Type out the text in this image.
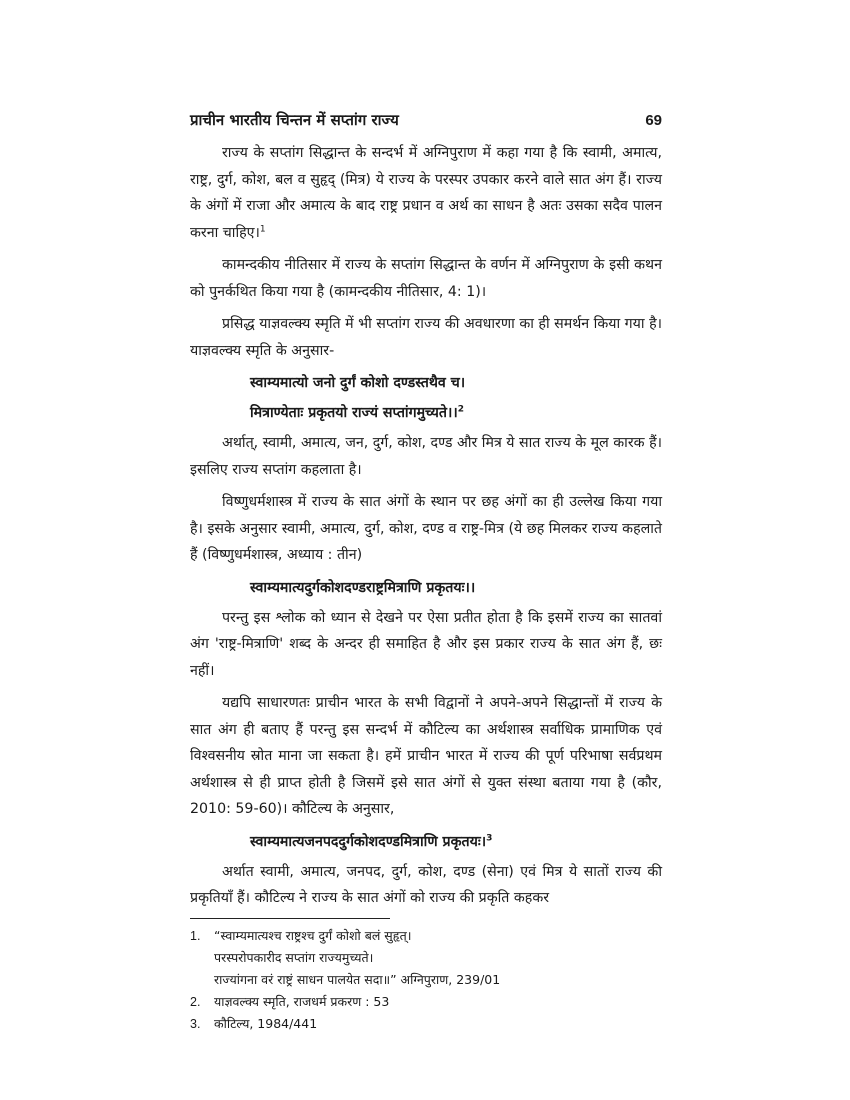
प्राचीन भारतीय चिन्तन में सप्तांग राज्य	69

राज्य के सप्तांग सिद्धान्त के सन्दर्भ में अग्निपुराण में कहा गया है कि स्वामी, अमात्य, राष्ट्र, दुर्ग, कोश, बल व सुहृद् (मित्र) ये राज्य के परस्पर उपकार करने वाले सात अंग हैं। राज्य के अंगों में राजा और अमात्य के बाद राष्ट्र प्रधान व अर्थ का साधन है अतः उसका सदैव पालन करना चाहिए।$^1$

कामन्दकीय नीतिसार में राज्य के सप्तांग सिद्धान्त के वर्णन में अग्निपुराण के इसी कथन को पुनर्कथित किया गया है (कामन्दकीय नीतिसार, 4: 1)।

प्रसिद्ध याज्ञवल्क्य स्मृति में भी सप्तांग राज्य की अवधारणा का ही समर्थन किया गया है। याज्ञवल्क्य स्मृति के अनुसार-

स्वाम्यमात्यो जनो दुर्गं कोशो दण्डस्तथैव च।
मित्राण्येताः प्रकृतयो राज्यं सप्तांगमुच्यते।।$^2$

अर्थात्, स्वामी, अमात्य, जन, दुर्ग, कोश, दण्ड और मित्र ये सात राज्य के मूल कारक हैं। इसलिए राज्य सप्तांग कहलाता है।

विष्णुधर्मशास्त्र में राज्य के सात अंगों के स्थान पर छह अंगों का ही उल्लेख किया गया है। इसके अनुसार स्वामी, अमात्य, दुर्ग, कोश, दण्ड व राष्ट्र-मित्र (ये छह मिलकर राज्य कहलाते हैं (विष्णुधर्मशास्त्र, अध्याय : तीन)

स्वाम्यमात्यदुर्गकोशदण्डराष्ट्रमित्राणि प्रकृतयः।।

परन्तु इस श्लोक को ध्यान से देखने पर ऐसा प्रतीत होता है कि इसमें राज्य का सातवां अंग 'राष्ट्र-मित्राणि' शब्द के अन्दर ही समाहित है और इस प्रकार राज्य के सात अंग हैं, छः नहीं।

यद्यपि साधारणतः प्राचीन भारत के सभी विद्वानों ने अपने-अपने सिद्धान्तों में राज्य के सात अंग ही बताए हैं परन्तु इस सन्दर्भ में कौटिल्य का अर्थशास्त्र सर्वाधिक प्रामाणिक एवं विश्वसनीय स्रोत माना जा सकता है। हमें प्राचीन भारत में राज्य की पूर्ण परिभाषा सर्वप्रथम अर्थशास्त्र से ही प्राप्त होती है जिसमें इसे सात अंगों से युक्त संस्था बताया गया है (कौर, 2010: 59-60)। कौटिल्य के अनुसार,

स्वाम्यमात्यजनपददुर्गकोशदण्डमित्राणि प्रकृतयः।$^3$

अर्थात स्वामी, अमात्य, जनपद, दुर्ग, कोश, दण्ड (सेना) एवं मित्र ये सातों राज्य की प्रकृतियाँ हैं। कौटिल्य ने राज्य के सात अंगों को राज्य की प्रकृति कहकर

1.	“स्वाम्यमात्यश्च राष्ट्रश्च दुर्गं कोशो बलं सुहृत्।
परस्परोपकारीद सप्तांग राज्यमुच्यते।
राज्यांगना वरं राष्ट्रं साधन पालयेत सदा॥” अग्निपुराण, 239/01
2.	याज्ञवल्क्य स्मृति, राजधर्म प्रकरण : 53
3.	कौटिल्य, 1984/441
